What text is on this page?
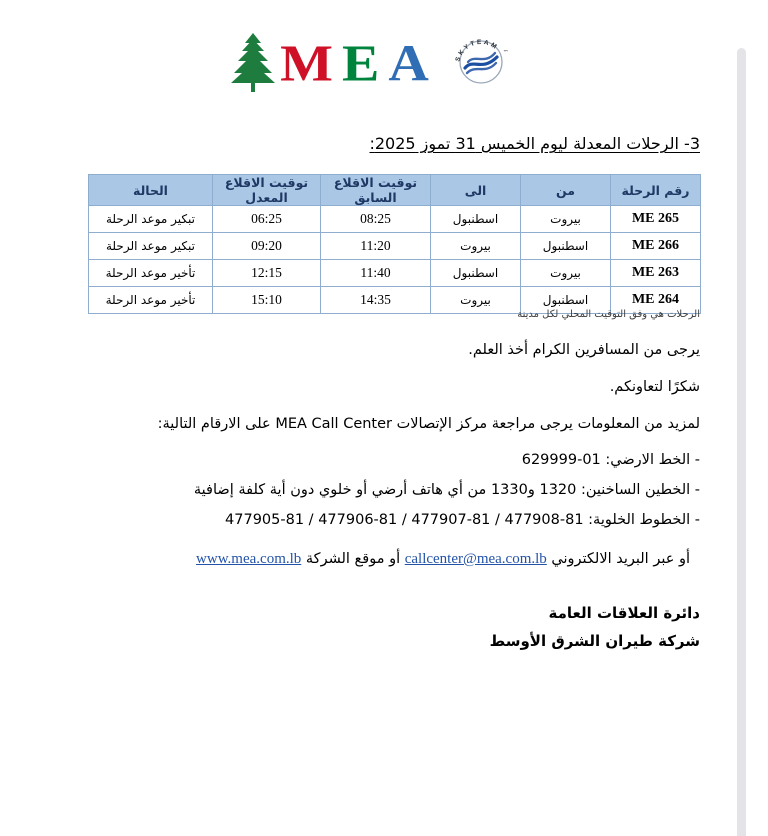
MEA	SKYTEAM
™
3- الرحلات المعدلة ليوم الخميس 31 تموز 2025:
رقم الرحلة	من	الى	توقيت الاقلاع السابق	توقيت الاقلاع المعدل	الحالة
ME 265	بيروت	اسطنبول	08:25	06:25	تبكير موعد الرحلة
ME 266	اسطنبول	بيروت	11:20	09:20	تبكير موعد الرحلة
ME 263	بيروت	اسطنبول	11:40	12:15	تأخير موعد الرحلة
ME 264	اسطنبول	بيروت	14:35	15:10	تأخير موعد الرحلة
الرحلات هي وفق التوقيت المحلي لكل مدينة
يرجى من المسافرين الكرام أخذ العلم.
شكرًا لتعاونكم.
لمزيد من المعلومات يرجى مراجعة مركز الإتصالات MEA Call Center على الارقام التالية:
- الخط الارضي: 01-629999
- الخطين الساخنين: 1320 و1330 من أي هاتف أرضي أو خلوي دون أية كلفة إضافية
- الخطوط الخلوية: 81-477908 / 81-477907 / 81-477906 / 81-477905
أو عبر البريد الالكتروني callcenter@mea.com.lb أو موقع الشركة www.mea.com.lb
دائرة العلاقات العامة
شركة طيران الشرق الأوسط
